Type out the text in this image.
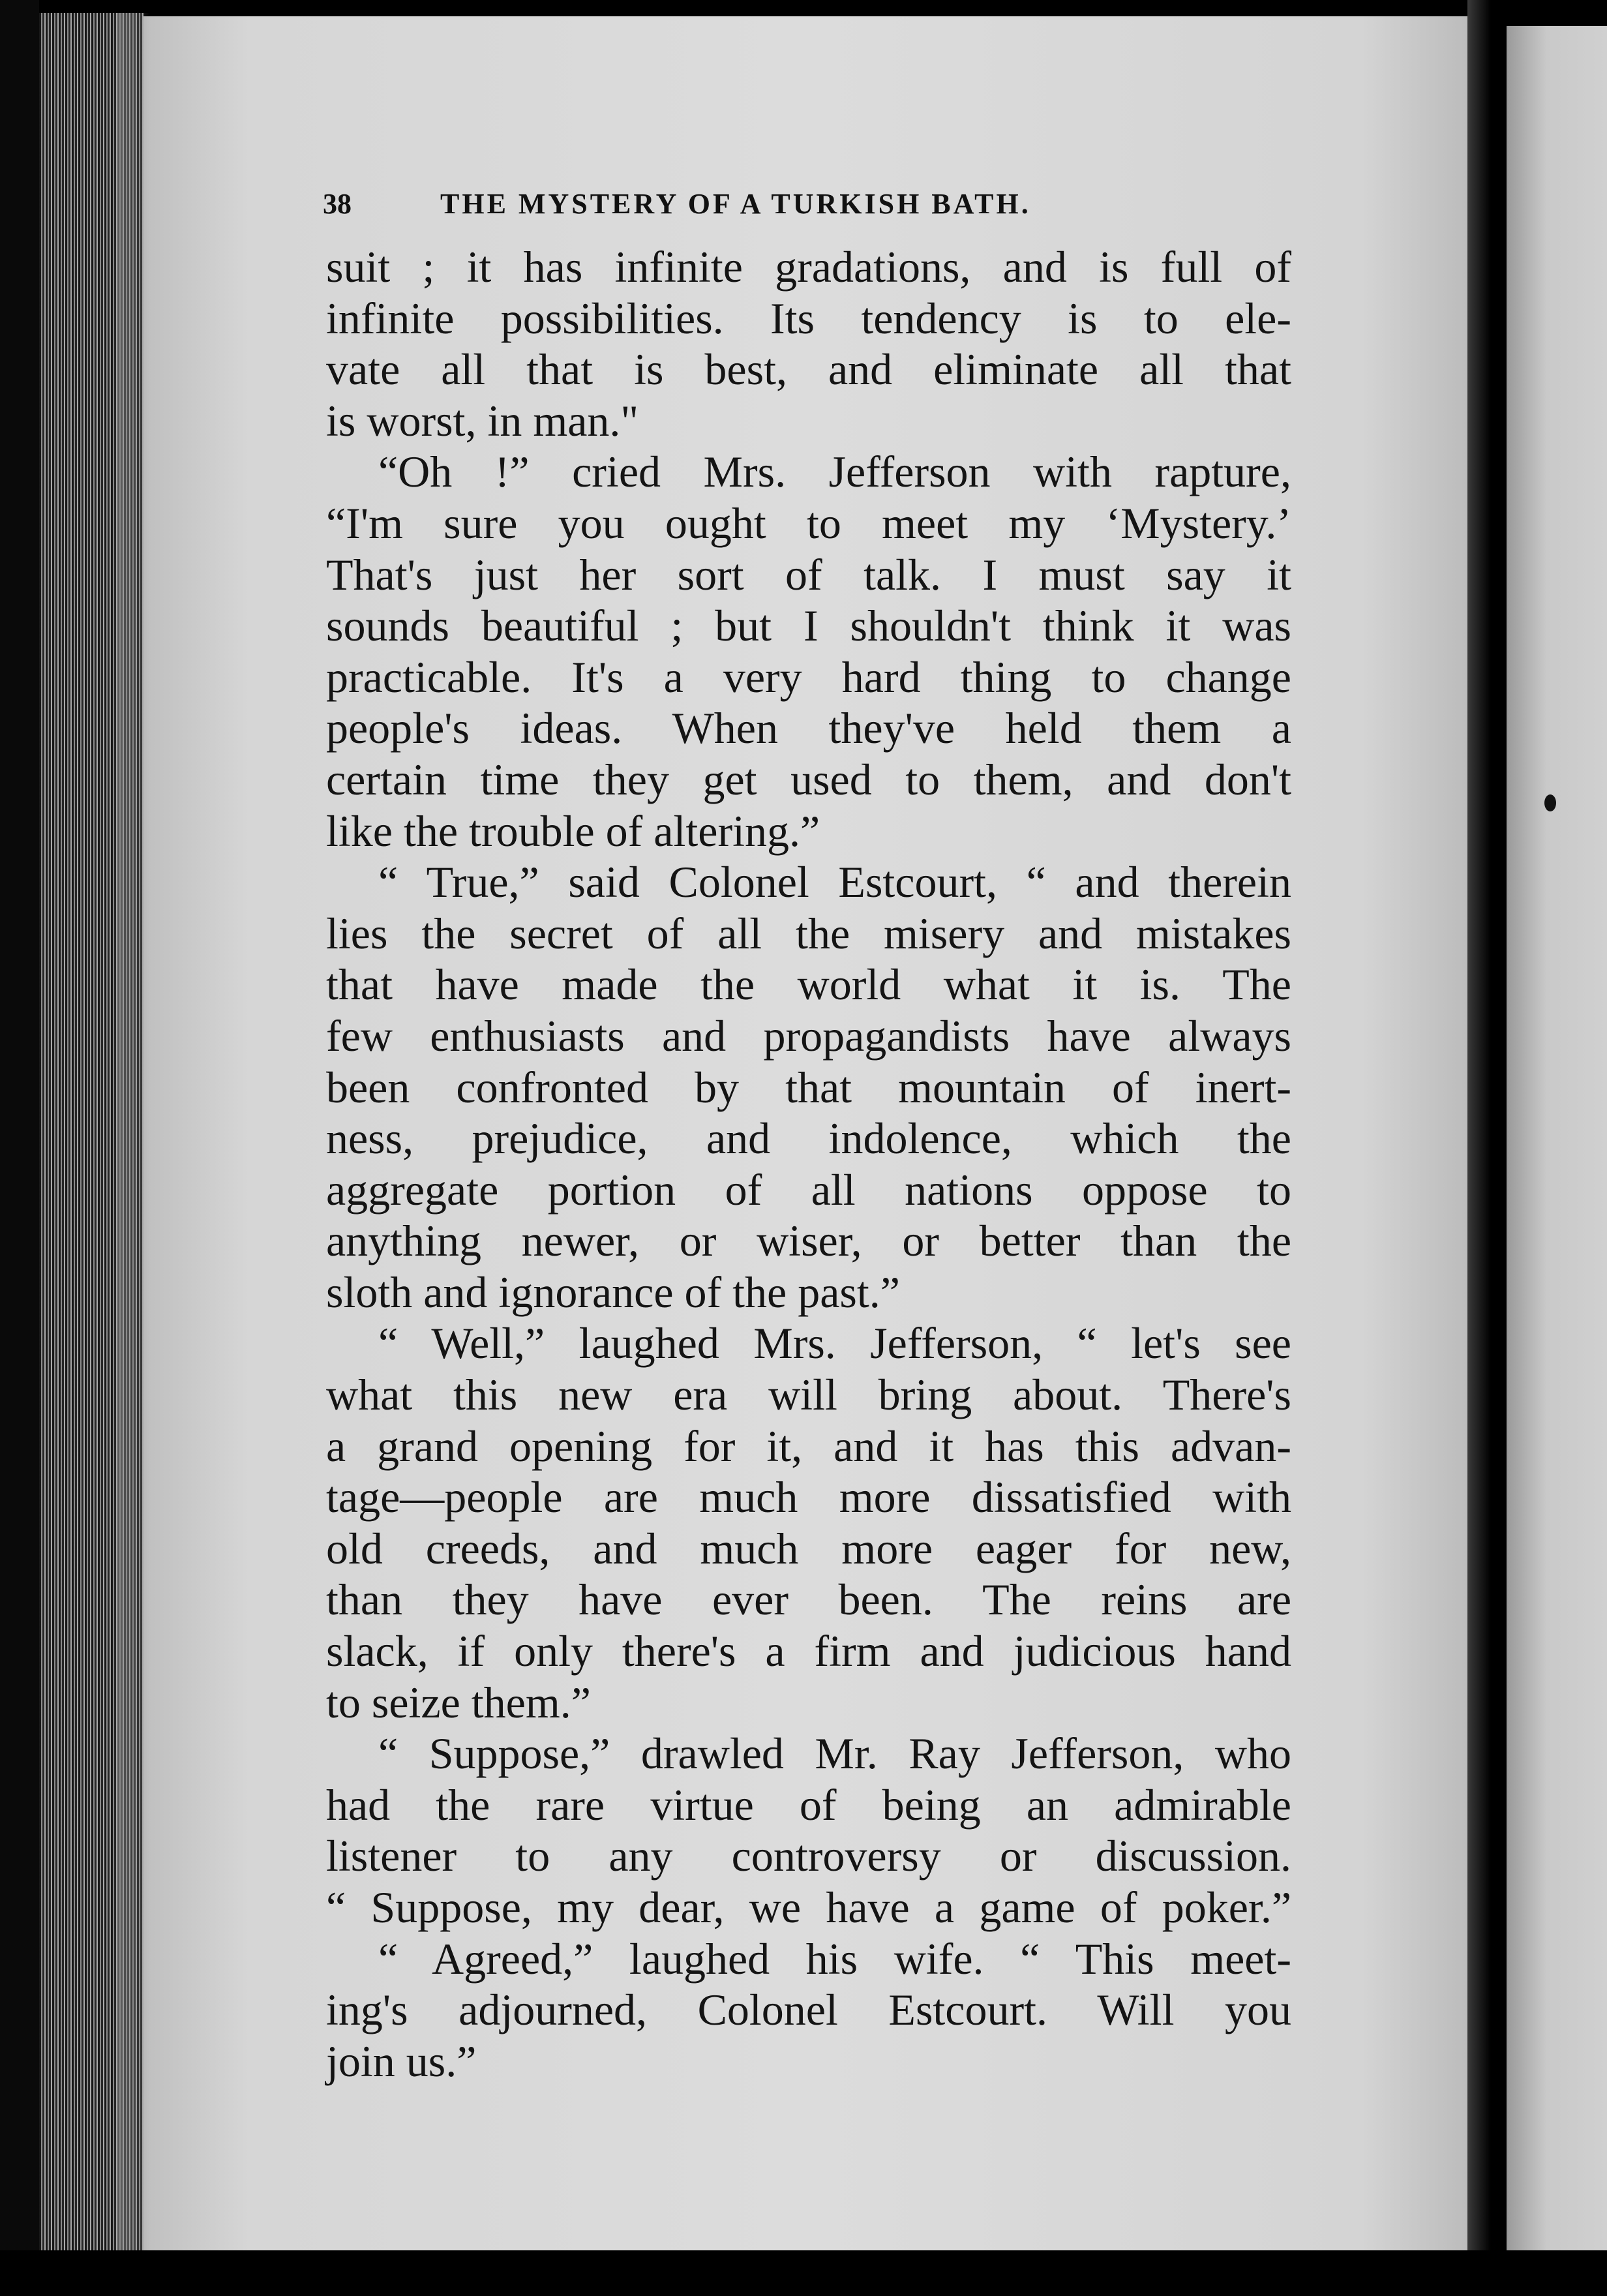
38	THE MYSTERY OF A TURKISH BATH.
suit ; it has infinite gradations, and is full of
infinite possibilities. Its tendency is to ele-
vate all that is best, and eliminate all that
is worst, in man."
“Oh !” cried Mrs. Jefferson with rapture,
“I'm sure you ought to meet my ‘Mystery.’
That's just her sort of talk. I must say it
sounds beautiful ; but I shouldn't think it was
practicable. It's a very hard thing to change
people's ideas. When they've held them a
certain time they get used to them, and don't
like the trouble of altering.”
“ True,” said Colonel Estcourt, “ and therein
lies the secret of all the misery and mistakes
that have made the world what it is. The
few enthusiasts and propagandists have always
been confronted by that mountain of inert-
ness, prejudice, and indolence, which the
aggregate portion of all nations oppose to
anything newer, or wiser, or better than the
sloth and ignorance of the past.”
“ Well,” laughed Mrs. Jefferson, “ let's see
what this new era will bring about. There's
a grand opening for it, and it has this advan-
tage—people are much more dissatisfied with
old creeds, and much more eager for new,
than they have ever been. The reins are
slack, if only there's a firm and judicious hand
to seize them.”
“ Suppose,” drawled Mr. Ray Jefferson, who
had the rare virtue of being an admirable
listener to any controversy or discussion.
“ Suppose, my dear, we have a game of poker.”
“ Agreed,” laughed his wife. “ This meet-
ing's adjourned, Colonel Estcourt. Will you
join us.”
